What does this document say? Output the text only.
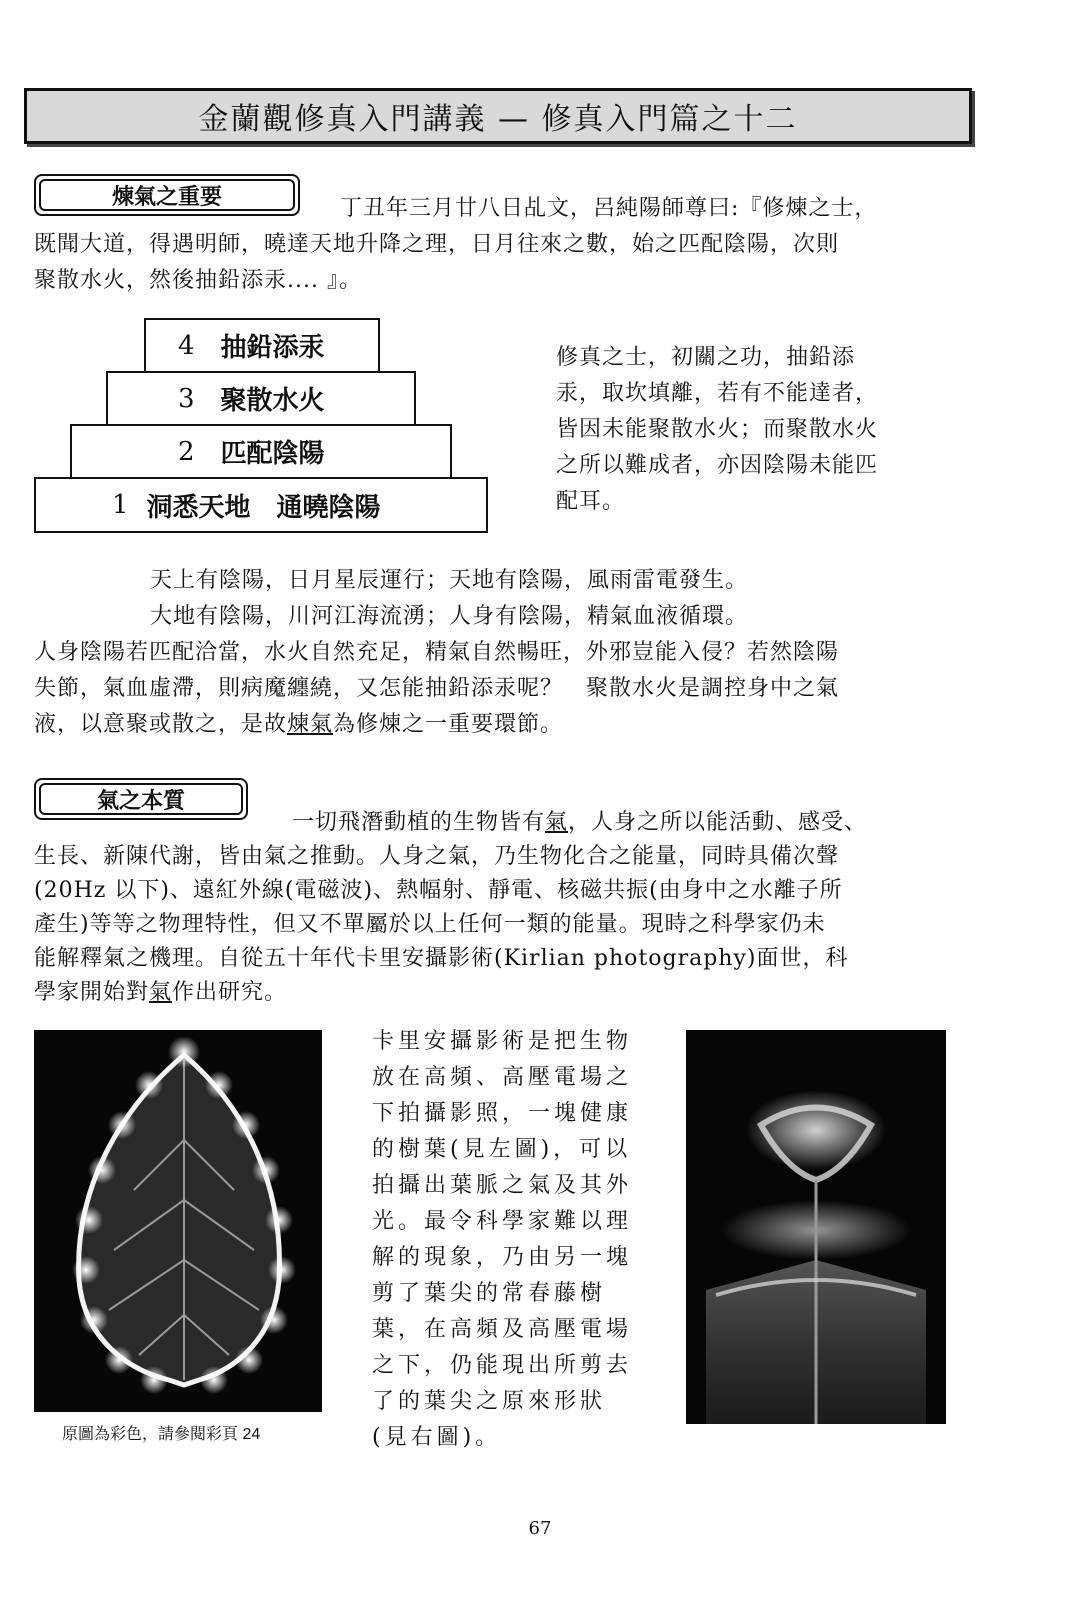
金蘭觀修真入門講義 — 修真入門篇之十二
煉氣之重要	丁丑年三月廿八日乩文，呂純陽師尊曰:『修煉之士，
既聞大道，得遇明師，曉達天地升降之理，日月往來之數，始之匹配陰陽，次則
聚散水火，然後抽鉛添汞.... 』。
4 抽鉛添汞
3 聚散水火
2 匹配陰陽
1 洞悉天地　通曉陰陽
修真之士，初關之功，抽鉛添
汞，取坎填離，若有不能達者，
皆因未能聚散水火；而聚散水火
之所以難成者，亦因陰陽未能匹
配耳。
天上有陰陽，日月星辰運行；天地有陰陽，風雨雷電發生。
大地有陰陽，川河江海流湧；人身有陰陽，精氣血液循環。
人身陰陽若匹配洽當，水火自然充足，精氣自然暢旺，外邪豈能入侵？若然陰陽
失節，氣血虛滯，則病魔纏繞，又怎能抽鉛添汞呢？　聚散水火是調控身中之氣
液，以意聚或散之，是故煉氣為修煉之一重要環節。
氣之本質
一切飛潛動植的生物皆有氣，人身之所以能活動、感受、
生長、新陳代謝，皆由氣之推動。人身之氣，乃生物化合之能量，同時具備次聲
(20Hz 以下)、遠紅外線(電磁波)、熱幅射、靜電、核磁共振(由身中之水離子所
產生)等等之物理特性，但又不單屬於以上任何一類的能量。現時之科學家仍未
能解釋氣之機理。自從五十年代卡里安攝影術(Kirlian photography)面世，科
學家開始對氣作出研究。
原圖為彩色，請參閱彩頁 24
卡里安攝影術是把生物
放在高頻、高壓電場之
下拍攝影照，一塊健康
的樹葉(見左圖)，可以
拍攝出葉脈之氣及其外
光。最令科學家難以理
解的現象，乃由另一塊
剪了葉尖的常春藤樹
葉，在高頻及高壓電場
之下，仍能現出所剪去
了的葉尖之原來形狀
(見右圖)。
67
